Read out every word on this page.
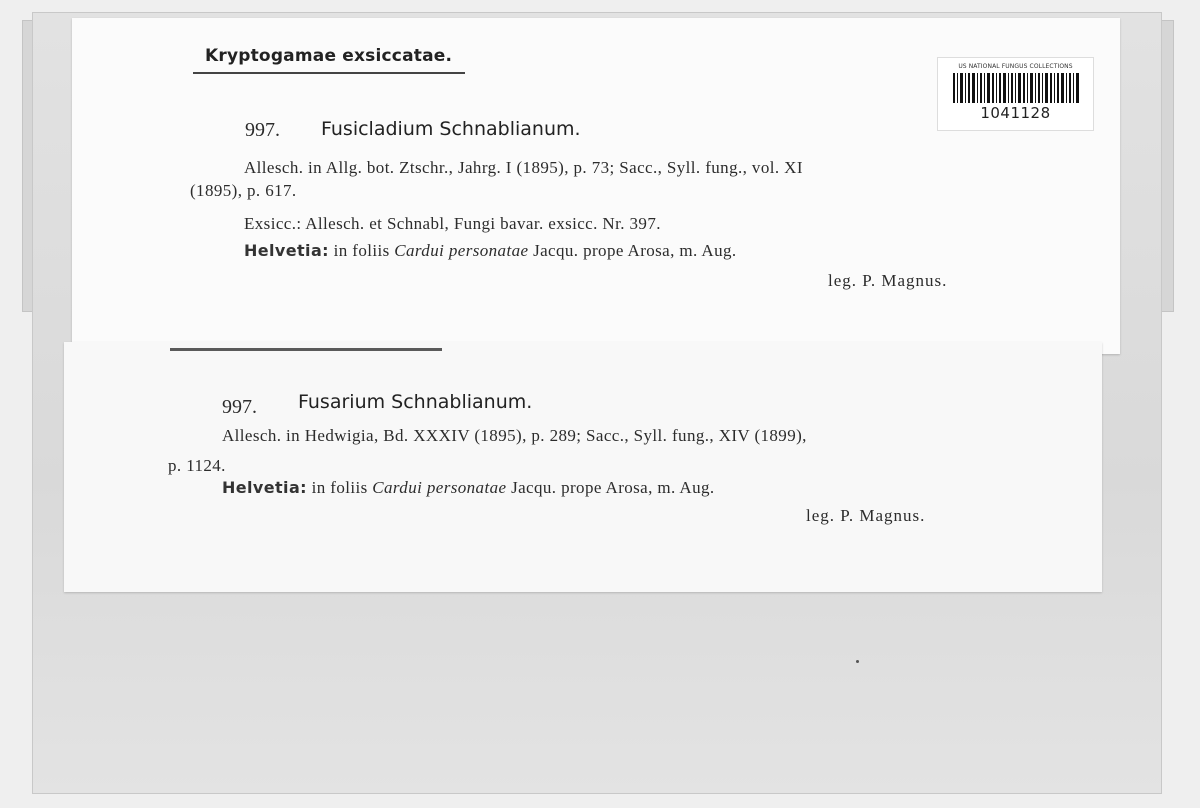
Kryptogamae exsiccatae.
US NATIONAL FUNGUS COLLECTIONS
1041128
997. Fusicladium Schnablianum.
Allesch. in Allg. bot. Ztschr., Jahrg. I (1895), p. 73; Sacc., Syll. fung., vol. XI
(1895), p. 617.
Exsicc.: Allesch. et Schnabl, Fungi bavar. exsicc. Nr. 397.
Helvetia: in foliis Cardui personatae Jacqu. prope Arosa, m. Aug.
leg. P. Magnus.
997. Fusarium Schnablianum.
Allesch. in Hedwigia, Bd. XXXIV (1895), p. 289; Sacc., Syll. fung., XIV (1899),
p. 1124.
Helvetia: in foliis Cardui personatae Jacqu. prope Arosa, m. Aug.
leg. P. Magnus.
